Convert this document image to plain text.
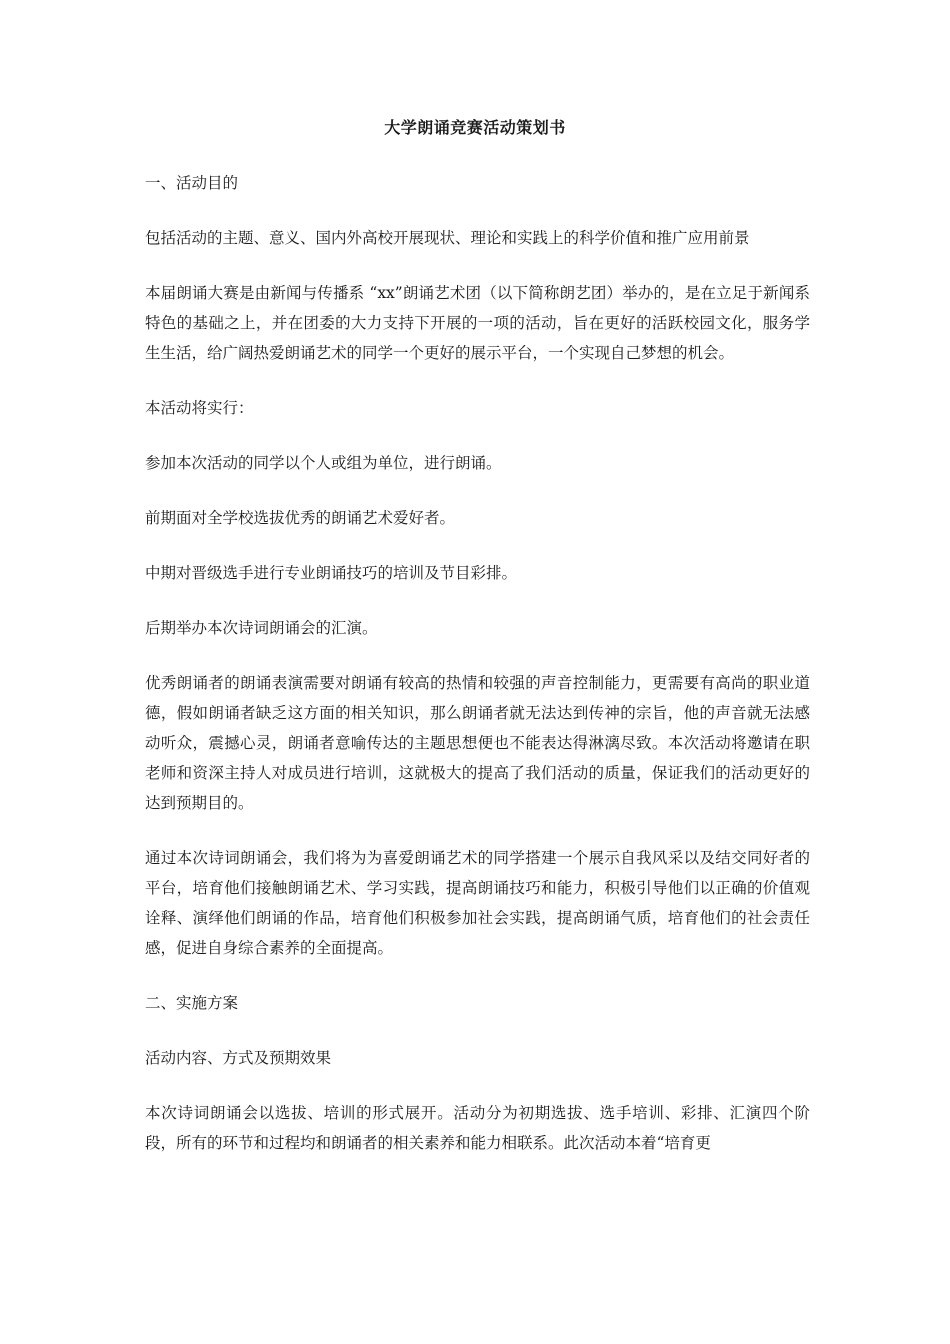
大学朗诵竞赛活动策划书

一、活动目的

包括活动的主题、意义、国内外高校开展现状、理论和实践上的科学价值和推广应用前景

本届朗诵大赛是由新闻与传播系 “xx”朗诵艺术团（以下简称朗艺团）举办的，是在立足于新闻系特色的基础之上，并在团委的大力支持下开展的一项的活动，旨在更好的活跃校园文化，服务学生生活，给广阔热爱朗诵艺术的同学一个更好的展示平台，一个实现自己梦想的机会。

本活动将实行：

参加本次活动的同学以个人或组为单位，进行朗诵。

前期面对全学校选拔优秀的朗诵艺术爱好者。

中期对晋级选手进行专业朗诵技巧的培训及节目彩排。

后期举办本次诗词朗诵会的汇演。

优秀朗诵者的朗诵表演需要对朗诵有较高的热情和较强的声音控制能力，更需要有高尚的职业道德，假如朗诵者缺乏这方面的相关知识，那么朗诵者就无法达到传神的宗旨，他的声音就无法感动听众，震撼心灵，朗诵者意喻传达的主题思想便也不能表达得淋漓尽致。本次活动将邀请在职老师和资深主持人对成员进行培训，这就极大的提高了我们活动的质量，保证我们的活动更好的达到预期目的。

通过本次诗词朗诵会，我们将为为喜爱朗诵艺术的同学搭建一个展示自我风采以及结交同好者的平台，培育他们接触朗诵艺术、学习实践，提高朗诵技巧和能力，积极引导他们以正确的价值观诠释、演绎他们朗诵的作品，培育他们积极参加社会实践，提高朗诵气质，培育他们的社会责任感，促进自身综合素养的全面提高。

二、实施方案

活动内容、方式及预期效果

本次诗词朗诵会以选拔、培训的形式展开。活动分为初期选拔、选手培训、彩排、汇演四个阶段，所有的环节和过程均和朗诵者的相关素养和能力相联系。此次活动本着“培育更
